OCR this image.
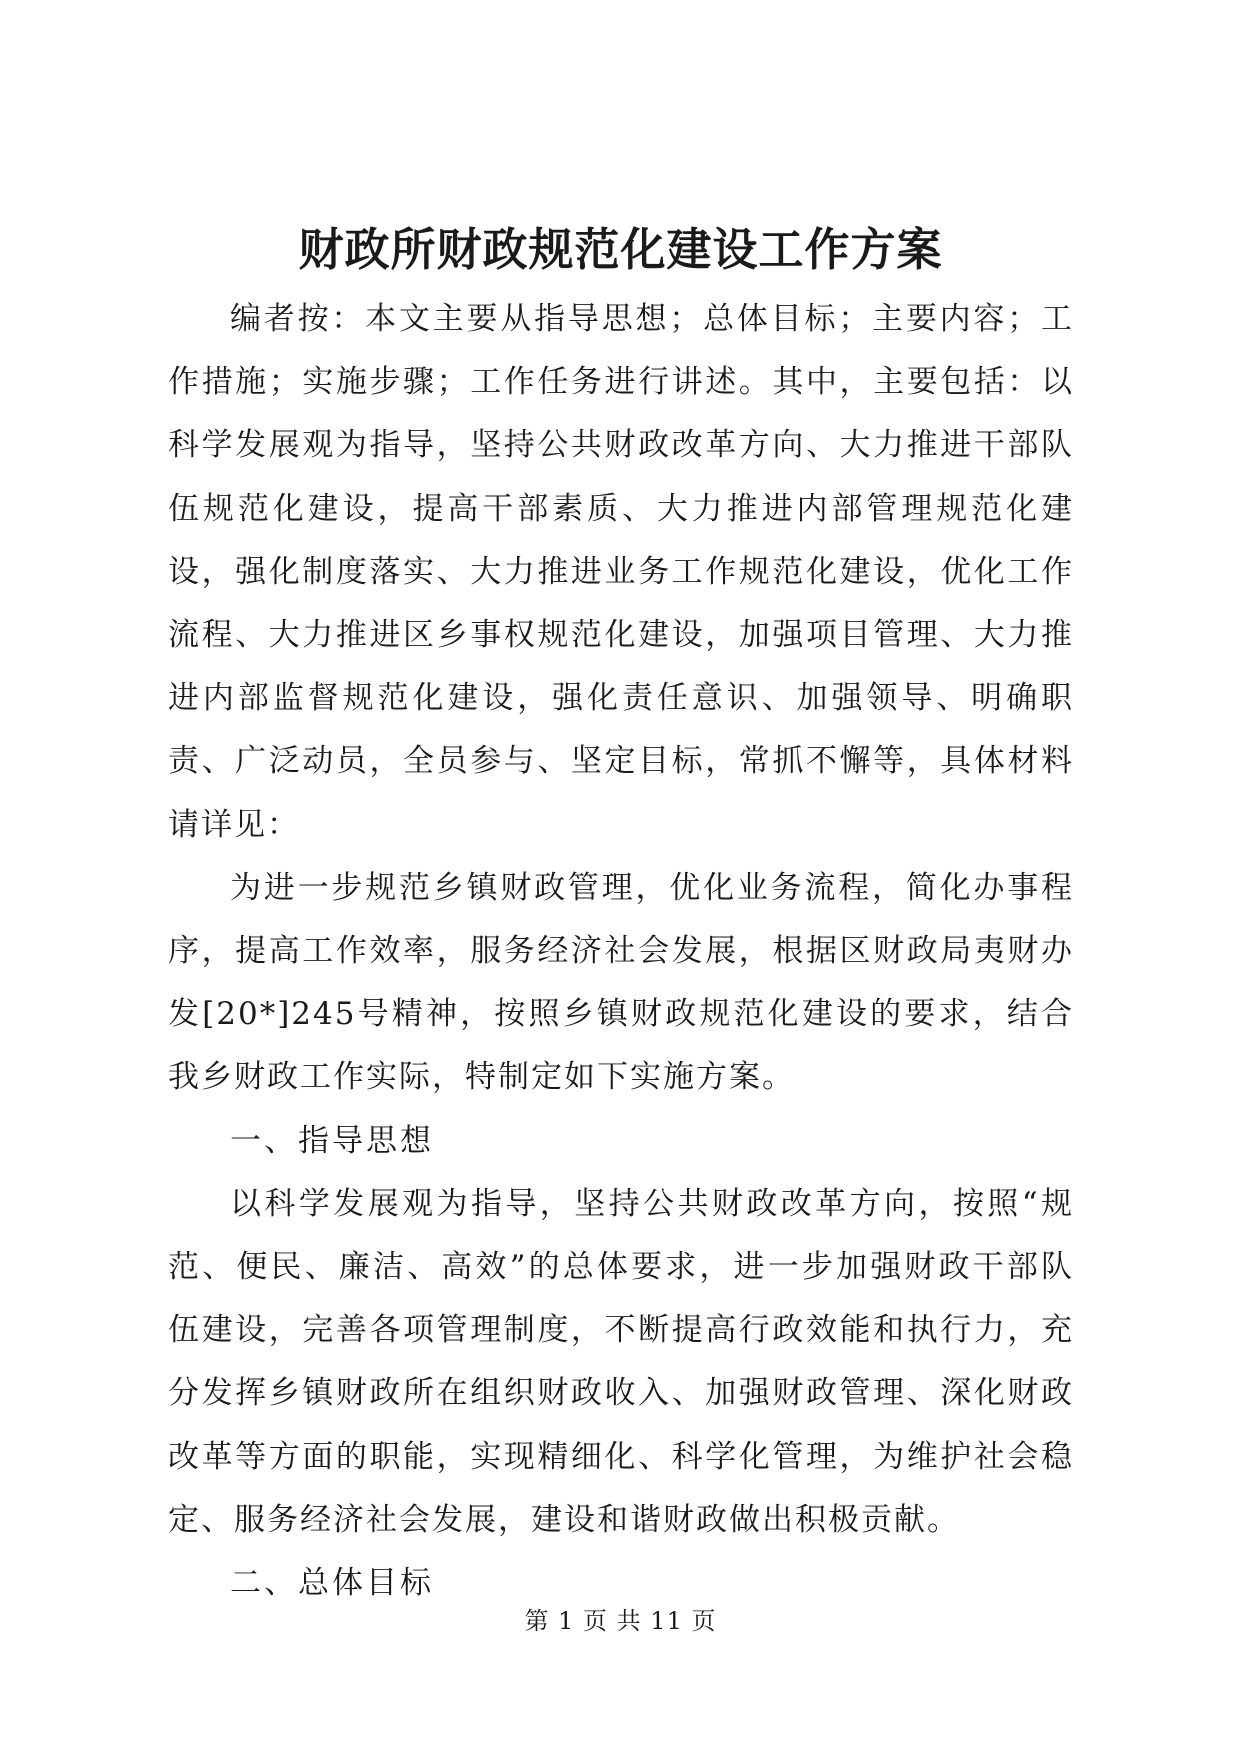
财政所财政规范化建设工作方案

编者按：本文主要从指导思想；总体目标；主要内容；工作措施；实施步骤；工作任务进行讲述。其中，主要包括：以科学发展观为指导，坚持公共财政改革方向、大力推进干部队伍规范化建设，提高干部素质、大力推进内部管理规范化建设，强化制度落实、大力推进业务工作规范化建设，优化工作流程、大力推进区乡事权规范化建设，加强项目管理、大力推进内部监督规范化建设，强化责任意识、加强领导、明确职责、广泛动员，全员参与、坚定目标，常抓不懈等，具体材料请详见：

为进一步规范乡镇财政管理，优化业务流程，简化办事程序，提高工作效率，服务经济社会发展，根据区财政局夷财办发[20*]245号精神，按照乡镇财政规范化建设的要求，结合我乡财政工作实际，特制定如下实施方案。

一、指导思想

以科学发展观为指导，坚持公共财政改革方向，按照“规范、便民、廉洁、高效”的总体要求，进一步加强财政干部队伍建设，完善各项管理制度，不断提高行政效能和执行力，充分发挥乡镇财政所在组织财政收入、加强财政管理、深化财政改革等方面的职能，实现精细化、科学化管理，为维护社会稳定、服务经济社会发展，建设和谐财政做出积极贡献。

二、总体目标

第 1 页 共 11 页
